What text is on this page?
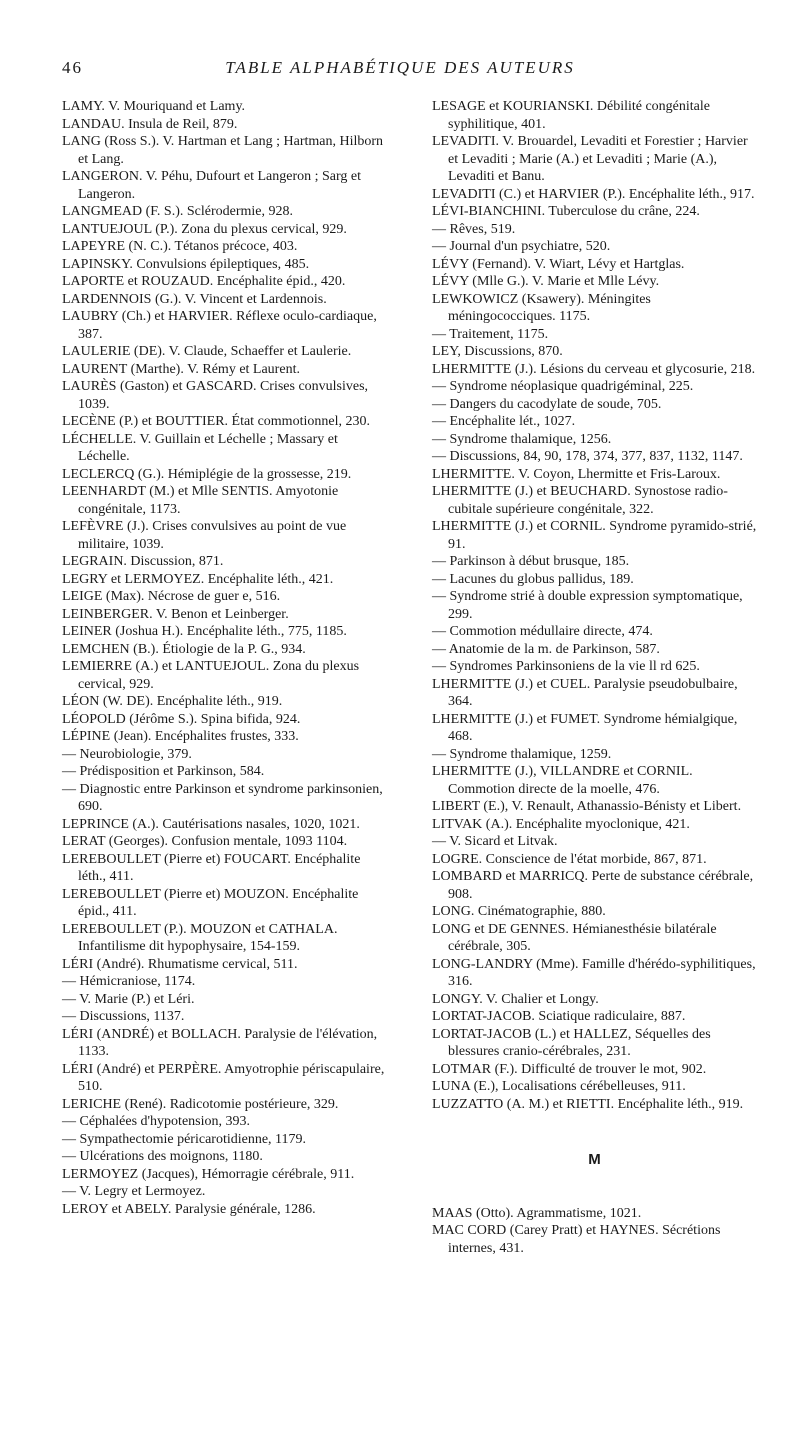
46	TABLE ALPHABÉTIQUE DES AUTEURS

LAMY. V. Mouriquand et Lamy.

LANDAU. Insula de Reil, 879.

LANG (Ross S.). V. Hartman et Lang ; Hartman, Hilborn et Lang.

LANGERON. V. Péhu, Dufourt et Langeron ; Sarg et Langeron.

LANGMEAD (F. S.). Sclérodermie, 928.

LANTUEJOUL (P.). Zona du plexus cervical, 929.

LAPEYRE (N. C.). Tétanos précoce, 403.

LAPINSKY. Convulsions épileptiques, 485.

LAPORTE et ROUZAUD. Encéphalite épid., 420.

LARDENNOIS (G.). V. Vincent et Lardennois.

LAUBRY (Ch.) et HARVIER. Réflexe oculo-cardiaque, 387.

LAULERIE (DE). V. Claude, Schaeffer et Laulerie.

LAURENT (Marthe). V. Rémy et Laurent.

LAURÈS (Gaston) et GASCARD. Crises convulsives, 1039.

LECÈNE (P.) et BOUTTIER. État commotionnel, 230.

LÉCHELLE. V. Guillain et Léchelle ; Massary et Léchelle.

LECLERCQ (G.). Hémiplégie de la grossesse, 219.

LEENHARDT (M.) et Mlle SENTIS. Amyotonie congénitale, 1173.

LEFÈVRE (J.). Crises convulsives au point de vue militaire, 1039.

LEGRAIN. Discussion, 871.

LEGRY et LERMOYEZ. Encéphalite léth., 421.

LEIGE (Max). Nécrose de guer e, 516.

LEINBERGER. V. Benon et Leinberger.

LEINER (Joshua H.). Encéphalite léth., 775, 1185.

LEMCHEN (B.). Étiologie de la P. G., 934.

LEMIERRE (A.) et LANTUEJOUL. Zona du plexus cervical, 929.

LÉON (W. DE). Encéphalite léth., 919.

LÉOPOLD (Jérôme S.). Spina bifida, 924.

LÉPINE (Jean). Encéphalites frustes, 333.

— Neurobiologie, 379.

— Prédisposition et Parkinson, 584.

— Diagnostic entre Parkinson et syndrome parkinsonien, 690.

LEPRINCE (A.). Cautérisations nasales, 1020, 1021.

LERAT (Georges). Confusion mentale, 1093 1104.

LEREBOULLET (Pierre et) FOUCART. Encéphalite léth., 411.

LEREBOULLET (Pierre et) MOUZON. Encéphalite épid., 411.

LEREBOULLET (P.). MOUZON et CATHALA. Infantilisme dit hypophysaire, 154-159.

LÉRI (André). Rhumatisme cervical, 511.

— Hémicraniose, 1174.

— V. Marie (P.) et Léri.

— Discussions, 1137.

LÉRI (ANDRÉ) et BOLLACH. Paralysie de l'élévation, 1133.

LÉRI (André) et PERPÈRE. Amyotrophie périscapulaire, 510.

LERICHE (René). Radicotomie postérieure, 329.

— Céphalées d'hypotension, 393.

— Sympathectomie péricarotidienne, 1179.

— Ulcérations des moignons, 1180.

LERMOYEZ (Jacques), Hémorragie cérébrale, 911.

— V. Legry et Lermoyez.

LEROY et ABELY. Paralysie générale, 1286.

LESAGE et KOURIANSKI. Débilité congénitale syphilitique, 401.

LEVADITI. V. Brouardel, Levaditi et Forestier ; Harvier et Levaditi ; Marie (A.) et Levaditi ; Marie (A.), Levaditi et Banu.

LEVADITI (C.) et HARVIER (P.). Encéphalite léth., 917.

LÉVI-BIANCHINI. Tuberculose du crâne, 224.

— Rêves, 519.

— Journal d'un psychiatre, 520.

LÉVY (Fernand). V. Wiart, Lévy et Hartglas.

LÉVY (Mlle G.). V. Marie et Mlle Lévy.

LEWKOWICZ (Ksawery). Méningites méningococciques. 1175.

— Traitement, 1175.

LEY, Discussions, 870.

LHERMITTE (J.). Lésions du cerveau et glycosurie, 218.

— Syndrome néoplasique quadrigéminal, 225.

— Dangers du cacodylate de soude, 705.

— Encéphalite lét., 1027.

— Syndrome thalamique, 1256.

— Discussions, 84, 90, 178, 374, 377, 837, 1132, 1147.

LHERMITTE. V. Coyon, Lhermitte et Fris-Laroux.

LHERMITTE (J.) et BEUCHARD. Synostose radio-cubitale supérieure congénitale, 322.

LHERMITTE (J.) et CORNIL. Syndrome pyramido-strié, 91.

— Parkinson à début brusque, 185.

— Lacunes du globus pallidus, 189.

— Syndrome strié à double expression symptomatique, 299.

— Commotion médullaire directe, 474.

— Anatomie de la m. de Parkinson, 587.

— Syndromes Parkinsoniens de la vie ll rd 625.

LHERMITTE (J.) et CUEL. Paralysie pseudobulbaire, 364.

LHERMITTE (J.) et FUMET. Syndrome hémialgique, 468.

— Syndrome thalamique, 1259.

LHERMITTE (J.), VILLANDRE et CORNIL. Commotion directe de la moelle, 476.

LIBERT (E.), V. Renault, Athanassio-Bénisty et Libert.

LITVAK (A.). Encéphalite myoclonique, 421.

— V. Sicard et Litvak.

LOGRE. Conscience de l'état morbide, 867, 871.

LOMBARD et MARRICQ. Perte de substance cérébrale, 908.

LONG. Cinématographie, 880.

LONG et DE GENNES. Hémianesthésie bilatérale cérébrale, 305.

LONG-LANDRY (Mme). Famille d'hérédo-syphilitiques, 316.

LONGY. V. Chalier et Longy.

LORTAT-JACOB. Sciatique radiculaire, 887.

LORTAT-JACOB (L.) et HALLEZ, Séquelles des blessures cranio-cérébrales, 231.

LOTMAR (F.). Difficulté de trouver le mot, 902.

LUNA (E.), Localisations cérébelleuses, 911.

LUZZATTO (A. M.) et RIETTI. Encéphalite léth., 919.

M

MAAS (Otto). Agrammatisme, 1021.

MAC CORD (Carey Pratt) et HAYNES. Sécrétions internes, 431.
